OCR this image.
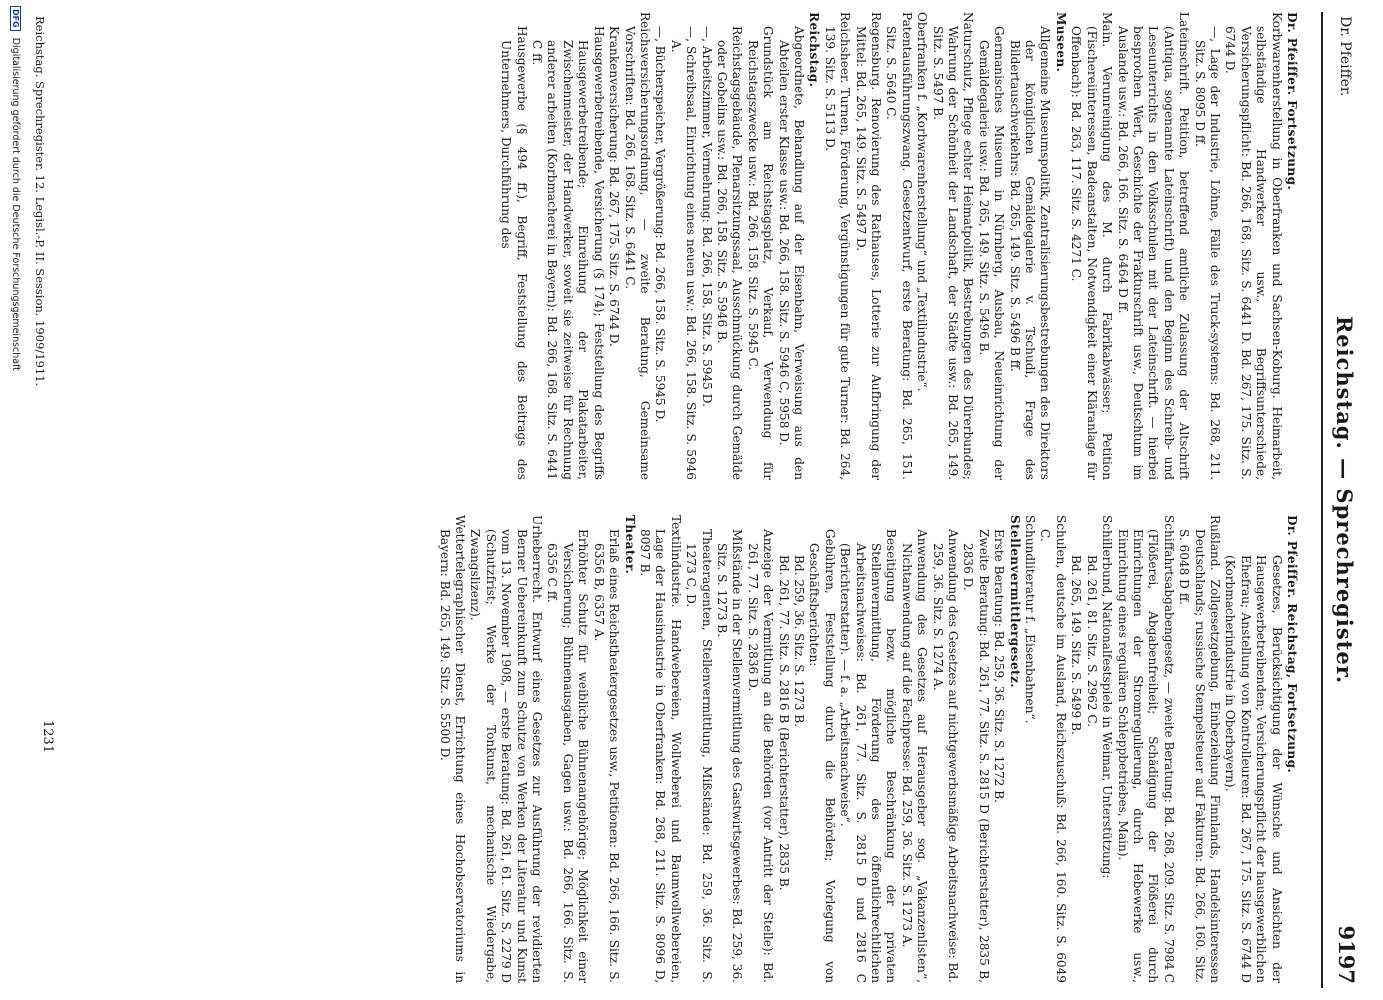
Dr. Pfeiffer.
Reichstag. — Sprechregister.
9197

Dr. Pfeiffer. Fortsetzung.

Korbwarenherstellung in Oberfranken und Sachsen-Koburg. Heimarbeit, selbständige Handwerker usw., Begriffsunterschiede, Versicherungspflicht: Bd. 266, 168. Sitz. S. 6441 D. Bd. 267, 175. Sitz. S. 6744 D.

—, Lage der Industrie, Löhne, Fälle des Truck-systems: Bd. 268, 211. Sitz. S. 8095 D ff.

Lateinschrift. Petition, betreffend amtliche Zulassung der Altschrift (Antiqua, sogenannte Lateinschrift) und den Beginn des Schreib- und Leseunterrichts in den Volksschulen mit der Lateinschrift. — hierbei besprochen Wert, Geschichte der Frakturschrift usw., Deutschtum im Auslande usw.: Bd. 266, 166. Sitz. S. 6464 D ff.

Main. Verunreinigung des M. durch Fabrikabwässer; Petition (Fischereiinteressen, Badeanstalten, Notwendigkeit einer Kläranlage für Offenbach): Bd. 263, 117. Sitz. S. 4271 C.

Museen.

Allgemeine Museumspolitik, Zentralisierungsbestrebungen des Direktors der königlichen Gemäldegalerie v. Tschudi, Frage des Bildertauschverkehrs: Bd. 265, 149. Sitz. S. 5496 B ff.

Germanisches Museum in Nürnberg, Ausbau, Neueinrichtung der Gemäldegalerie usw.: Bd. 265, 149. Sitz. S. 5496 B.

Naturschutz, Pflege echter Heimatpolitik, Bestrebungen des Dürerbundes; Wahrung der Schönheit der Landschaft, der Städte usw.: Bd. 265, 149. Sitz. S. 5497 B.

Oberfranken f. „Korbwarenherstellung“ und „Textilindustrie“.

Patentausführungszwang. Gesetzentwurf, erste Beratung: Bd. 265, 151. Sitz. S. 5640 C.

Regensburg. Renovierung des Rathauses, Lotterie zur Aufbringung der Mittel: Bd. 265, 149. Sitz. S. 5497 D.

Reichsheer. Turnen, Förderung, Vergünstigungen für gute Turner: Bd. 264, 139. Sitz. S. 5113 D.

Reichstag.

Abgeordnete, Behandlung auf der Eisenbahn, Verweisung aus den Abteilen erster Klasse usw.: Bd. 266, 158. Sitz. S. 5946 C, 5958 D.

Grundstück am Reichstagsplatz, Verkauf, Verwendung für Reichstagszwecke usw.: Bd. 266, 158. Sitz. S. 5945 C.

Reichstagsgebäude, Plenarsitzungssaal, Ausschmückung durch Gemälde oder Gobelins usw.: Bd. 266, 158. Sitz. S. 5946 B.

—, Arbeitszimmer, Vermehrung: Bd. 266, 158. Sitz. S. 5945 D.

—, Schreibsaal, Einrichtung eines neuen usw.: Bd. 266, 158. Sitz. S. 5946 A.

—, Bücherspeicher, Vergrößerung: Bd. 266, 158. Sitz. S. 5945 D.

Reichsversicherungsordnung, — zweite Beratung, Gemeinsame Vorschriften: Bd. 266, 168. Sitz. S. 6441 C.

Krankenversicherung: Bd. 267, 175. Sitz. S. 6744 D.

Hausgewerbetreibende, Versicherung (§ 174); Feststellung des Begriffs Hausgewerbetreibende; Einreihung der Plakatarbeiter, Zwischenmeister, der Handwerker, soweit sie zeitweise für Rechnung anderer arbeiten (Korbmacherei in Bayern): Bd. 266, 168. Sitz. S. 6441 C ff.

Hausgewerbe (§ 494 ff.), Begriff, Feststellung des Beitrags des Unternehmers, Durchführung des

Dr. Pfeiffer. Reichstag, Fortsetzung.

Gesetzes, Berücksichtigung der Wünsche und Ansichten der Hausgewerbetreibenden; Versicherungspflicht der hausgewerblichen Ehefrau; Anstellung von Kontrolleuren: Bd. 267, 175. Sitz. S. 6744 D (Korbmacherindustrie in Oberbayern).

Rußland. Zollgesetzgebung, Einbeziehung Finnlands, Handelsinteressen Deutschlands; russische Stempelsteuer auf Fakturen: Bd. 266, 160. Sitz. S. 6048 D ff.

Schiffahrtsabgabengesetz, — zweite Beratung: Bd. 268, 209. Sitz. S. 7984 C (Flößerei, Abgabenfreiheit; Schädigung der Flößerei durch Einrichtungen der Stromregulierung, durch Hebewerke usw., Einrichtung eines regulären Schleppbetriebes, Main).

Schillerbund, Nationalfestspiele in Weimar, Unterstützung:

Bd. 261, 81. Sitz. S. 2962 C.

Bd. 265, 149. Sitz. S. 5499 B.

Schulen, deutsche im Ausland, Reichszuschuß: Bd. 266, 160. Sitz. S. 6049 C.

Schundliteratur f. „Eisenbahnen“.

Stellenvermittlergesetz.

Erste Beratung: Bd. 259, 36. Sitz. S. 1272 B.

Zweite Beratung: Bd. 261, 77. Sitz. S. 2815 D (Berichterstatter), 2835 B, 2836 D.

Anwendung des Gesetzes auf nichtgewerbsmäßige Arbeitsnachweise: Bd. 259, 36. Sitz. S. 1274 A.

Anwendung des Gesetzes auf Herausgeber sog. „Vakanzenlisten“, Nichtanwendung auf die Fachpresse: Bd. 259, 36. Sitz. S. 1273 A.

Beseitigung bezw. mögliche Beschränkung der privaten Stellenvermittlung, Förderung des öffentlichrechtlichen Arbeitsnachweises: Bd. 261, 77. Sitz. S. 2815 D und 2816 C (Berichterstatter). — f. a. „Arbeitsnachweise“.

Gebühren, Feststellung durch die Behörden; Vorlegung von Geschäftsberichten:

Bd. 259, 36. Sitz. S. 1273 B.

Bd. 261, 77. Sitz. S. 2816 B (Berichterstatter), 2835 B.

Anzeige der Vermittlung an die Behörden (vor Antritt der Stelle): Bd. 261, 77. Sitz. S. 2836 D.

Mißstände in der Stellenvermittlung des Gastwirtsgewerbes: Bd. 259, 36. Sitz. S. 1273 B.

Theateragenten, Stellenvermittlung, Mißstände: Bd. 259, 36. Sitz. S. 1273 C, D.

Textilindustrie. Handwebereien, Wollweberei und Baumwollwebereien, Lage der Hausindustrie in Oberfranken: Bd. 268, 211. Sitz. S. 8096 D, 8097 B.

Theater.

Erlaß eines Reichstheatergesetzes usw., Petitionen: Bd. 266, 166. Sitz. S. 6356 B, 6357 A.

Erhöhter Schutz für weibliche Bühnenangehörige; Möglichkeit einer Versicherung; Bühnenausgaben, Gagen usw.: Bd. 266, 166. Sitz. S. 6356 C ff.

Urheberrecht. Entwurf eines Gesetzes zur Ausführung der revidierten Berner Uebereinkunft zum Schutze von Werken der Literatur und Kunst vom 13. November 1908, — erste Beratung: Bd. 261, 61. Sitz. S. 2279 D (Schutzfrist; Werke der Tonkunst, mechanische Wiedergabe, Zwangslizenz).

Wettertelegraphischer Dienst, Errichtung eines Hochobservatoriums in Bayern: Bd. 265, 149. Sitz. S. 5500 D.

Reichstag. Sprechregister. 12. Legisl.-P. II. Session. 1909/1911.
1231
DFG Digitalisierung gefördert durch die Deutsche Forschungsgemeinschaft
